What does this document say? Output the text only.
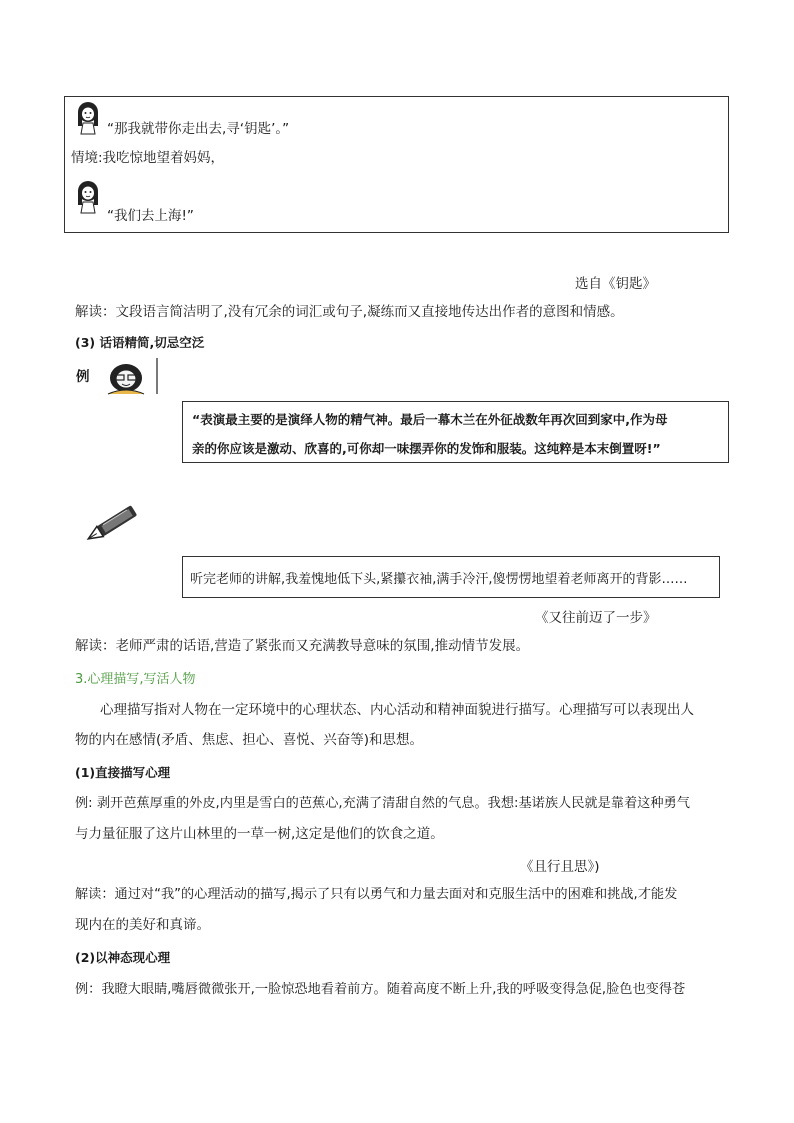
“那我就带你走出去,寻‘钥匙’。”
情境:我吃惊地望着妈妈，
“我们去上海!”
选自《钥匙》
解读：文段语言简洁明了,没有冗余的词汇或句子,凝练而又直接地传达出作者的意图和情感。
(3) 话语精简,切忌空泛
例
“表演最主要的是演绎人物的精气神。最后一幕木兰在外征战数年再次回到家中,作为母
亲的你应该是激动、欣喜的,可你却一味摆弄你的发饰和服装。这纯粹是本末倒置呀!”
听完老师的讲解,我羞愧地低下头,紧攥衣袖,满手冷汗,傻愣愣地望着老师离开的背影……
《又往前迈了一步》
解读：老师严肃的话语,营造了紧张而又充满教导意味的氛围,推动情节发展。
3.心理描写,写活人物
心理描写指对人物在一定环境中的心理状态、内心活动和精神面貌进行描写。心理描写可以表现出人
物的内在感情(矛盾、焦虑、担心、喜悦、兴奋等)和思想。
(1)直接描写心理
例: 剥开芭蕉厚重的外皮,内里是雪白的芭蕉心,充满了清甜自然的气息。我想:基诺族人民就是靠着这种勇气
与力量征服了这片山林里的一草一树,这定是他们的饮食之道。
《且行且思》)
解读：通过对“我”的心理活动的描写,揭示了只有以勇气和力量去面对和克服生活中的困难和挑战,才能发
现内在的美好和真谛。
(2)以神态现心理
例：我瞪大眼睛,嘴唇微微张开,一脸惊恐地看着前方。随着高度不断上升,我的呼吸变得急促,脸色也变得苍
